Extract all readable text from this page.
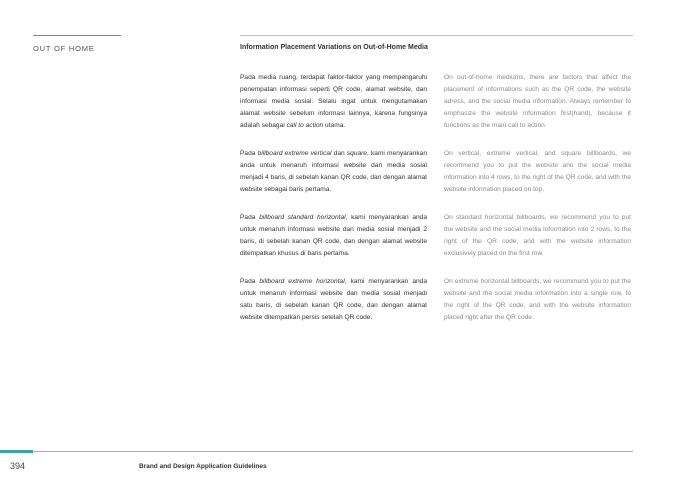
OUT OF HOME	Information Placement Variations on Out-of-Home Media

Pada media ruang, terdapat faktor-faktor yang mempengaruhi penempatan informasi seperti QR code, alamat website, dan informasi media sosial. Selalu ingat untuk mengutamakan alamat website sebelum informasi lainnya, karena fungsinya adalah sebagai call to action utama.

Pada billboard extreme vertical dan square, kami menyarankan anda untuk menaruh informasi website dan media sosial menjadi 4 baris, di sebelah kanan QR code, dan dengan alamat website sebagai baris pertama.

Pada billboard standard horizontal, kami menyarankan anda untuk menaruh informasi website dan media sosial menjadi 2 baris, di sebelah kanan QR code, dan dengan alamat website ditempatkan khusus di baris pertama.

Pada billboard extreme horizontal, kami menyarankan anda untuk menaruh informasi website dan media sosial menjadi satu baris, di sebelah kanan QR code, dan dengan alamat website ditempatkan persis setelah QR code.

On out-of-home mediums, there are factors that affect the placement of informations such as the QR code, the website adress, and the social media information. Always remember to emphasize the website information first(hand), because it functions as the main call to action.

On vertical, extreme vertical, and square billboards, we recommend you to put the website ano the social media information into 4 rows, to the right of the QR code, and with the website information placed on top.

On standard horizontal billboards, we recommend you to put the website and the social media information into 2 rows, to the right of the QR code, and with the website information exclusively placed on the first row.

On extreme horizontal billboards, we recommend you to put the website and the social media information into a single row, to the right of the QR code, and with the website information placed right after the QR code.

394	Brand and Design Application Guidelines
